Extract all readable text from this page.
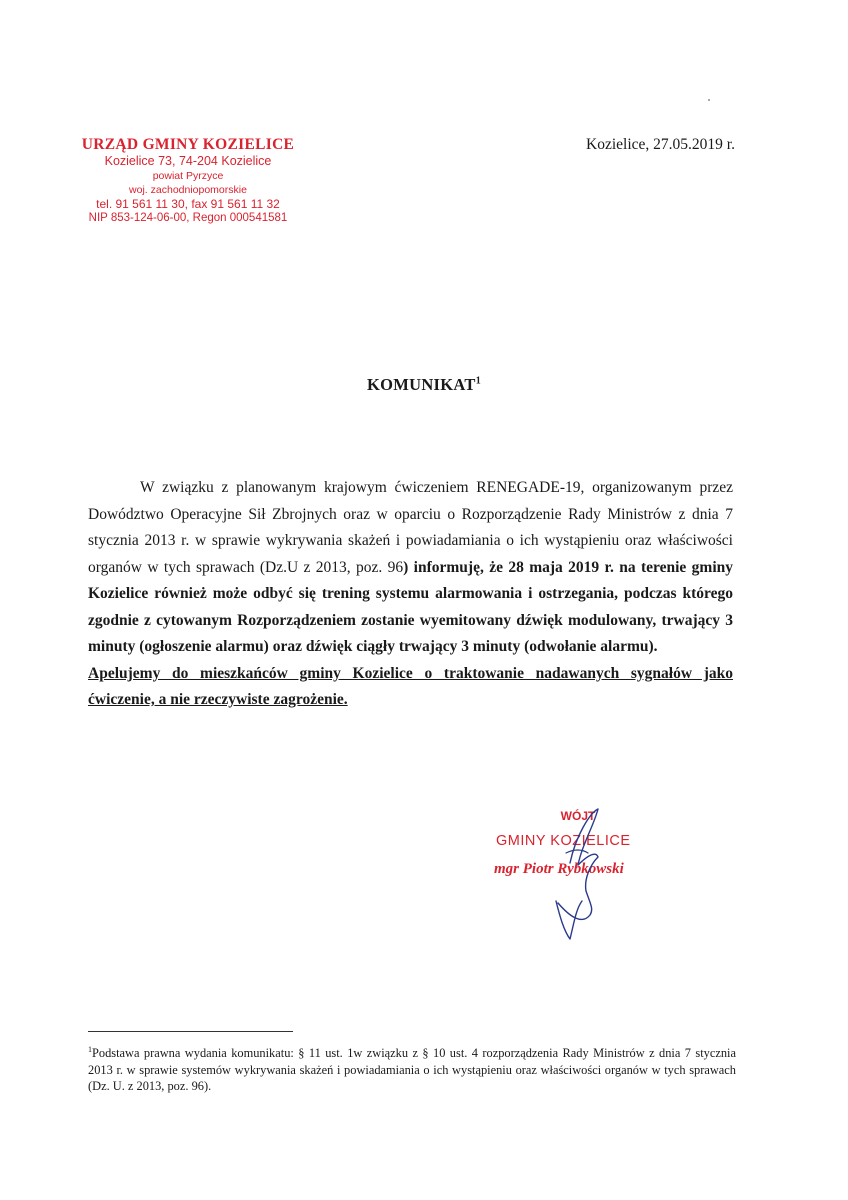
URZĄD GMINY KOZIELICE
Kozielice 73, 74-204 Kozielice
powiat Pyrzyce
woj. zachodniopomorskie
tel. 91 561 11 30, fax 91 561 11 32
NIP 853-124-06-00, Regon 000541581
Kozielice, 27.05.2019 r.
KOMUNIKAT$^1$

W związku z planowanym krajowym ćwiczeniem RENEGADE-19, organizowanym przez Dowództwo Operacyjne Sił Zbrojnych oraz w oparciu o Rozporządzenie Rady Ministrów z dnia 7 stycznia 2013 r. w sprawie wykrywania skażeń i powiadamiania o ich wystąpieniu oraz właściwości organów w tych sprawach (Dz.U z 2013, poz. 96) informuję, że 28 maja 2019 r. na terenie gminy Kozielice również może odbyć się trening systemu alarmowania i ostrzegania, podczas którego zgodnie z cytowanym Rozporządzeniem zostanie wyemitowany dźwięk modulowany, trwający 3 minuty (ogłoszenie alarmu) oraz dźwięk ciągły trwający 3 minuty (odwołanie alarmu).

Apelujemy do mieszkańców gminy Kozielice o traktowanie nadawanych sygnałów jako ćwiczenie, a nie rzeczywiste zagrożenie.

WÓJT
GMINY KOZIELICE
mgr Piotr Rybkowski
$^1$Podstawa prawna wydania komunikatu: § 11 ust. 1w związku z § 10 ust. 4 rozporządzenia Rady Ministrów z dnia 7 stycznia 2013 r. w sprawie systemów wykrywania skażeń i powiadamiania o ich wystąpieniu oraz właściwości organów w tych sprawach (Dz. U. z 2013, poz. 96).
